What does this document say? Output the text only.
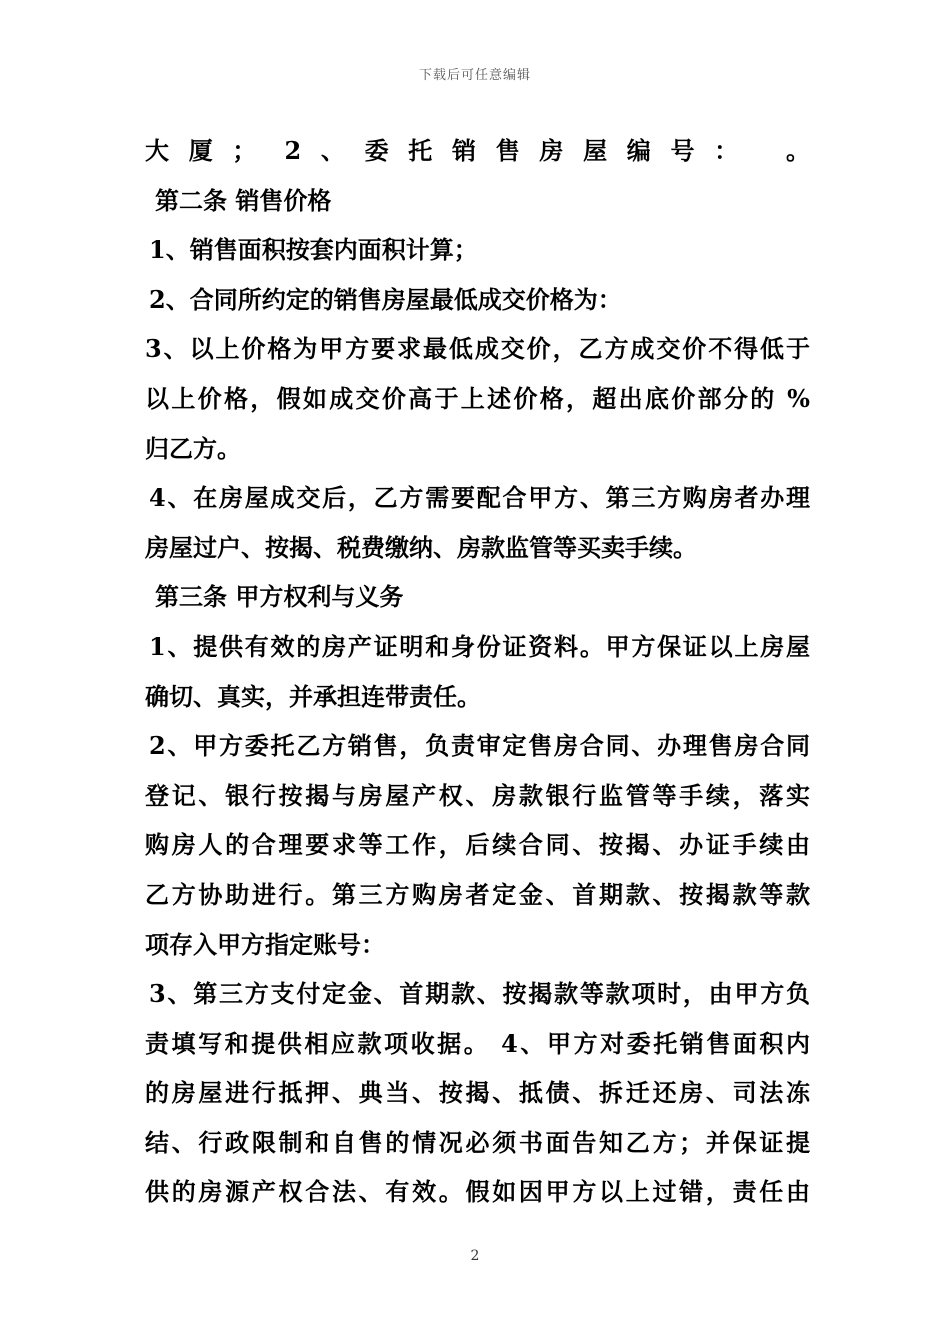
下载后可任意编辑
大厦； 2、委托销售房屋编号： 。
第二条 销售价格
1、销售面积按套内面积计算；
2、合同所约定的销售房屋最低成交价格为：
3、以上价格为甲方要求最低成交价，乙方成交价不得低于
以上价格，假如成交价高于上述价格，超出底价部分的 %
归乙方。
4、在房屋成交后，乙方需要配合甲方、第三方购房者办理
房屋过户、按揭、税费缴纳、房款监管等买卖手续。
第三条 甲方权利与义务
1、提供有效的房产证明和身份证资料。甲方保证以上房屋
确切、真实，并承担连带责任。
2、甲方委托乙方销售，负责审定售房合同、办理售房合同
登记、银行按揭与房屋产权、房款银行监管等手续，落实
购房人的合理要求等工作，后续合同、按揭、办证手续由
乙方协助进行。第三方购房者定金、首期款、按揭款等款
项存入甲方指定账号：
3、第三方支付定金、首期款、按揭款等款项时，由甲方负
责填写和提供相应款项收据。 4、甲方对委托销售面积内
的房屋进行抵押、典当、按揭、抵债、拆迁还房、司法冻
结、行政限制和自售的情况必须书面告知乙方；并保证提
供的房源产权合法、有效。假如因甲方以上过错，责任由
2
